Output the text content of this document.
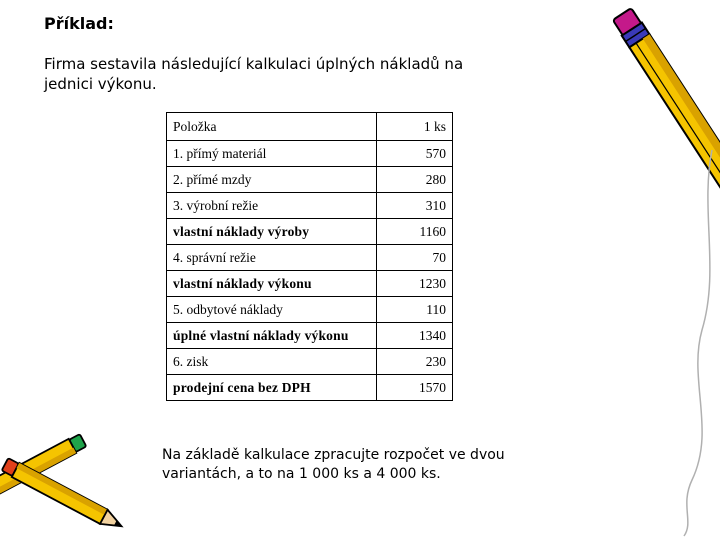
Příklad:
Firma sestavila následující kalkulaci úplných nákladů na jednici výkonu.
Položka	1 ks
1. přímý materiál	570
2. přímé mzdy	280
3. výrobní režie	310
vlastní náklady výroby	1160
4. správní režie	70
vlastní náklady výkonu	1230
5. odbytové náklady	110
úplné vlastní náklady výkonu	1340
6. zisk	230
prodejní cena bez DPH	1570
Na základě kalkulace zpracujte rozpočet ve dvou variantách, a to na 1 000 ks a 4 000 ks.
